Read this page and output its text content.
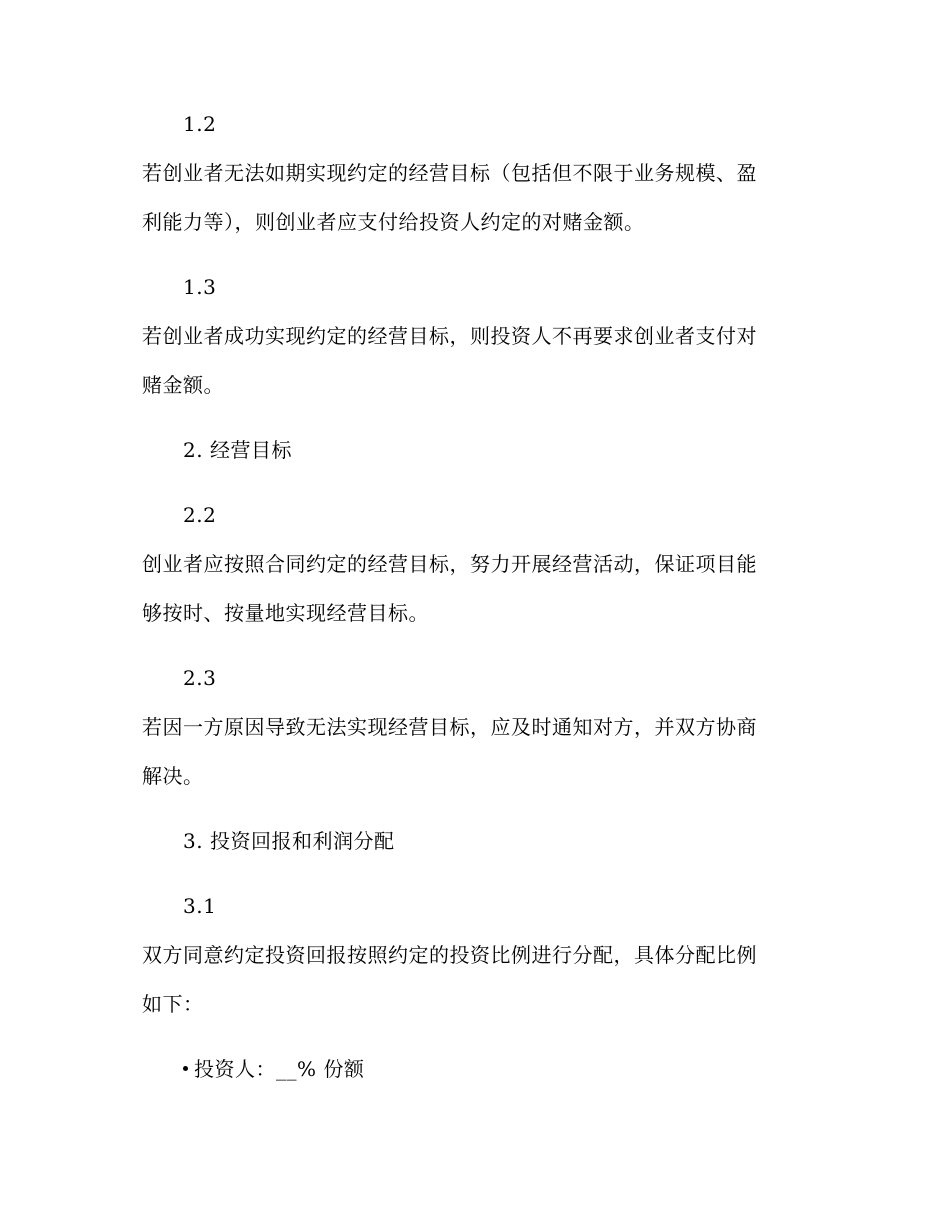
1.2
若创业者无法如期实现约定的经营目标（包括但不限于业务规模、盈
利能力等），则创业者应支付给投资人约定的对赌金额。
1.3
若创业者成功实现约定的经营目标，则投资人不再要求创业者支付对
赌金额。
2. 经营目标
2.2
创业者应按照合同约定的经营目标，努力开展经营活动，保证项目能
够按时、按量地实现经营目标。
2.3
若因一方原因导致无法实现经营目标，应及时通知对方，并双方协商
解决。
3. 投资回报和利润分配
3.1
双方同意约定投资回报按照约定的投资比例进行分配，具体分配比例
如下：
投资人：__% 份额
